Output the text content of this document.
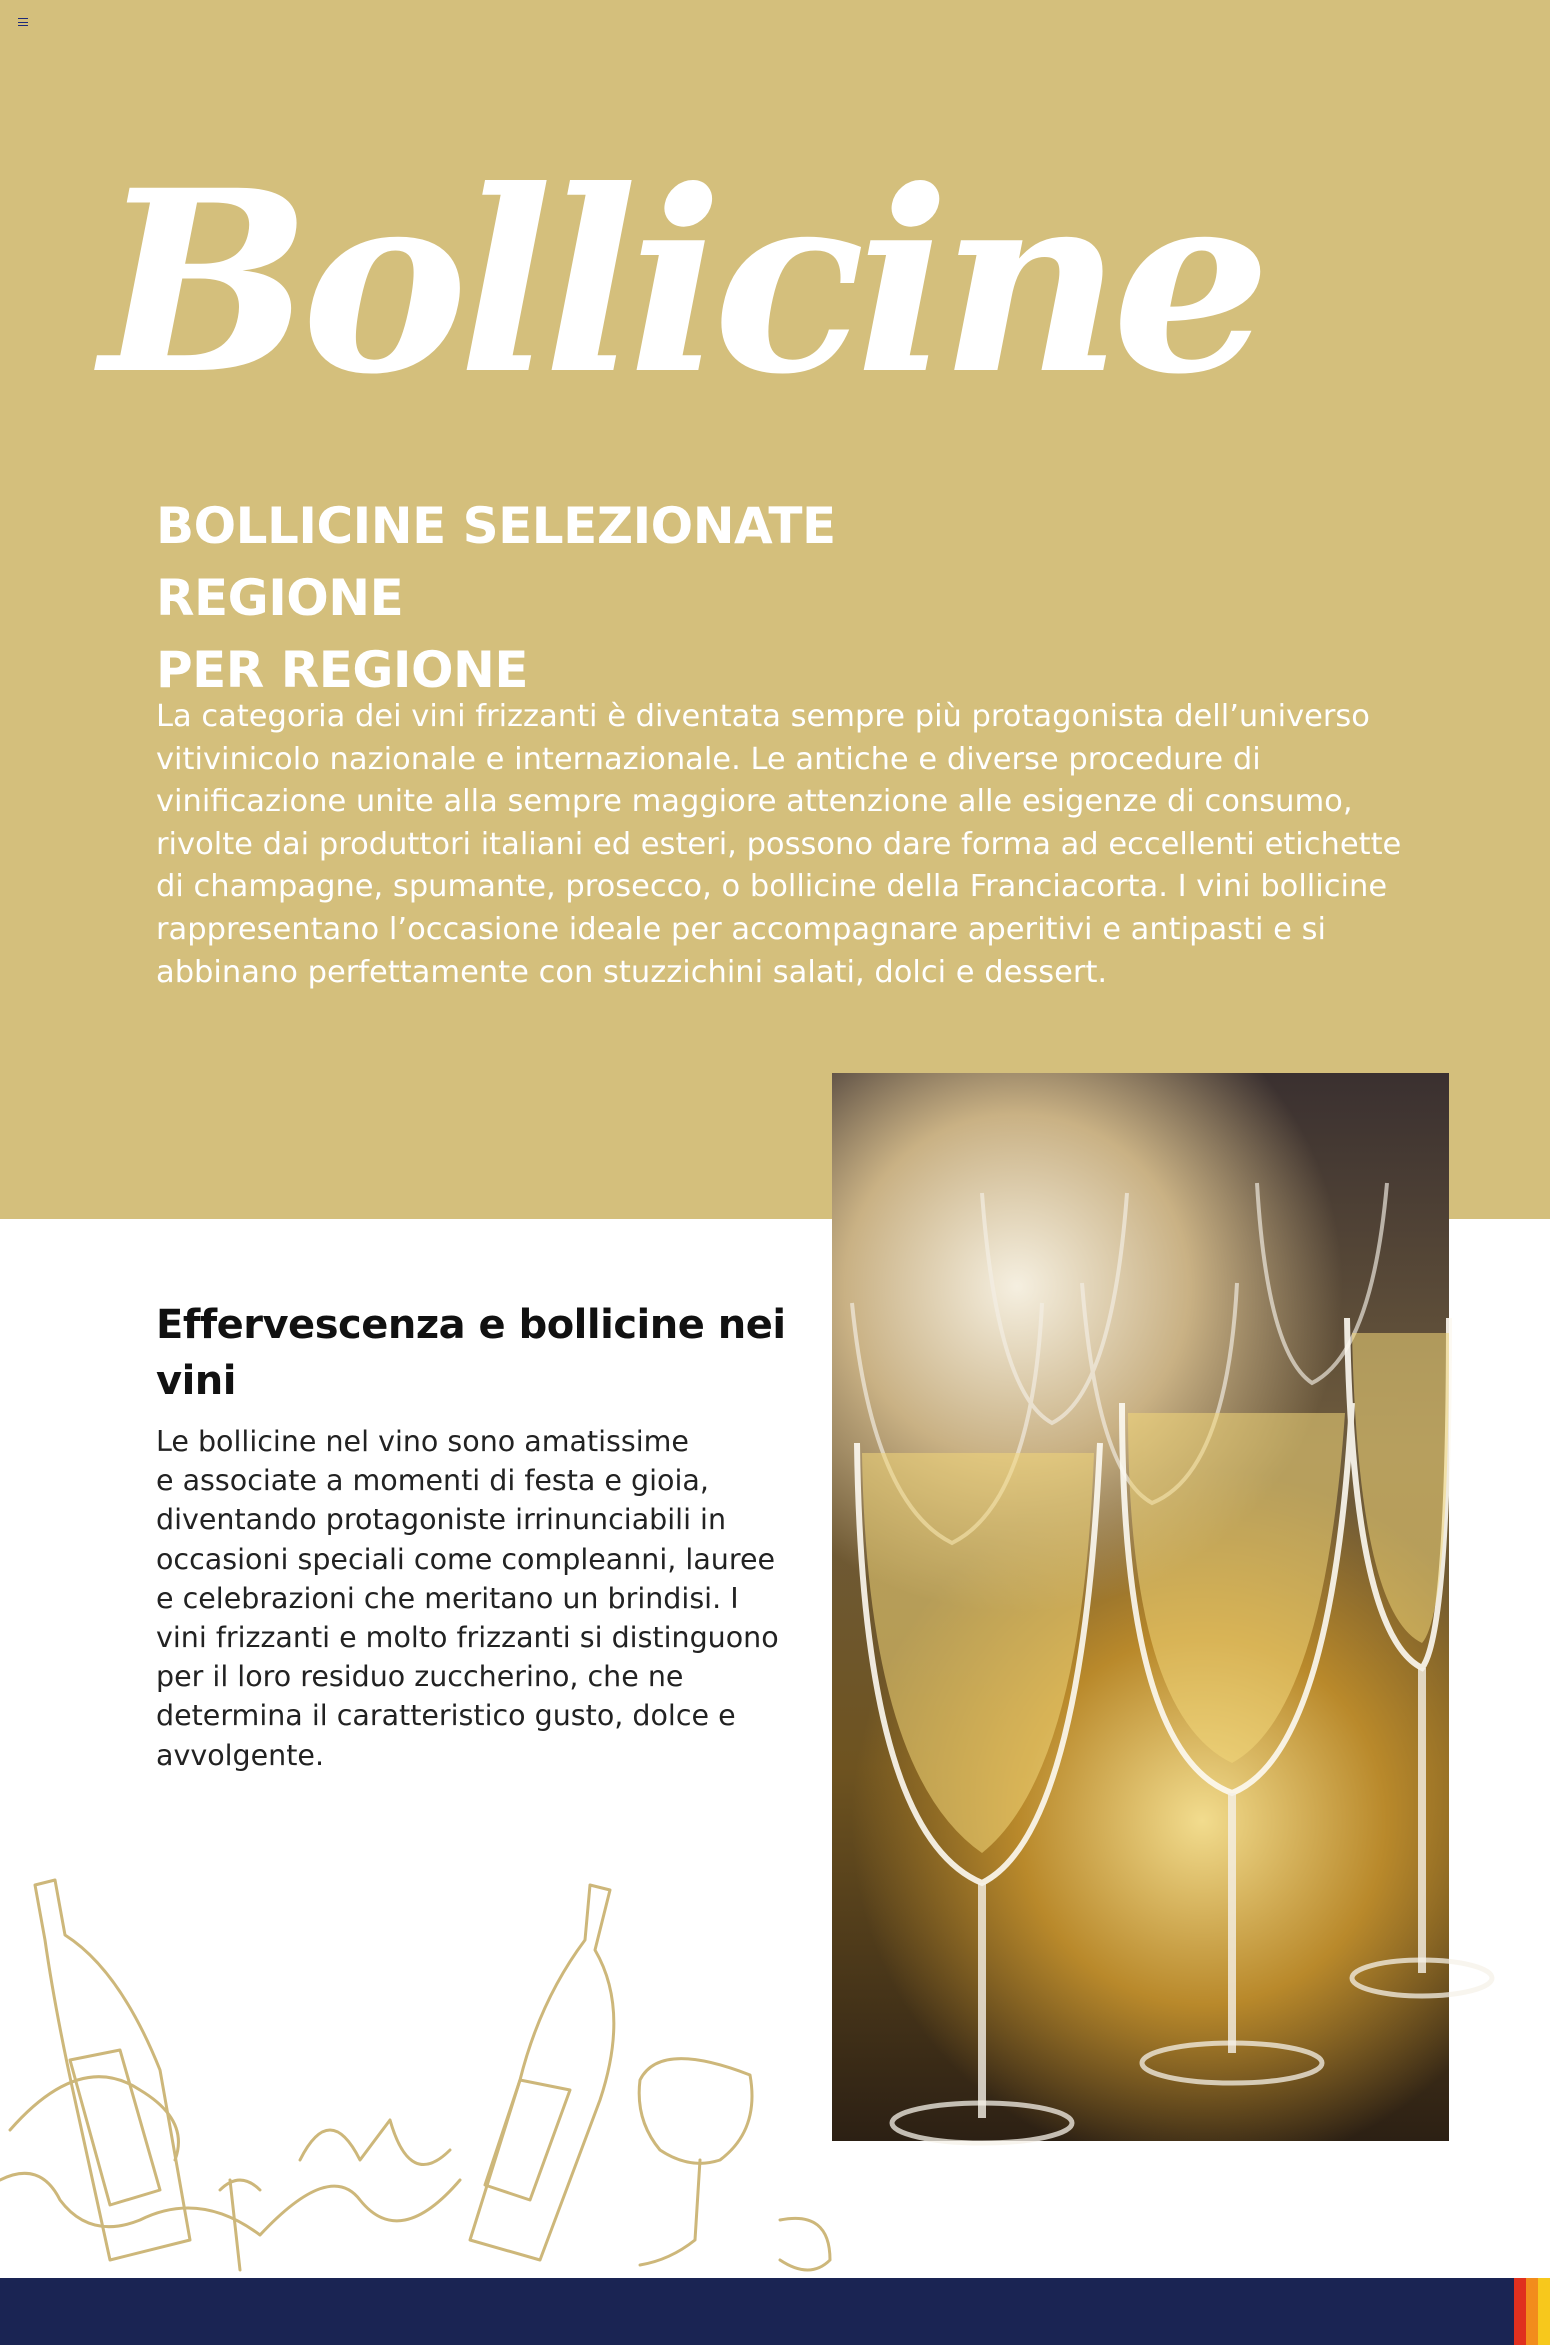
Bollicine
BOLLICINE SELEZIONATE REGIONE
PER REGIONE

La categoria dei vini frizzanti è diventata sempre più protagonista dell’universo
vitivinicolo nazionale e internazionale. Le antiche e diverse procedure di
vinificazione unite alla sempre maggiore attenzione alle esigenze di consumo,
rivolte dai produttori italiani ed esteri, possono dare forma ad eccellenti etichette
di champagne, spumante, prosecco, o bollicine della Franciacorta. I vini bollicine
rappresentano l’occasione ideale per accompagnare aperitivi e antipasti e si
abbinano perfettamente con stuzzichini salati, dolci e dessert.

Effervescenza e bollicine nei
vini

Le bollicine nel vino sono amatissime
e associate a momenti di festa e gioia,
diventando protagoniste irrinunciabili in
occasioni speciali come compleanni, lauree
e celebrazioni che meritano un brindisi. I
vini frizzanti e molto frizzanti si distinguono
per il loro residuo zuccherino, che ne
determina il caratteristico gusto, dolce e
avvolgente.
